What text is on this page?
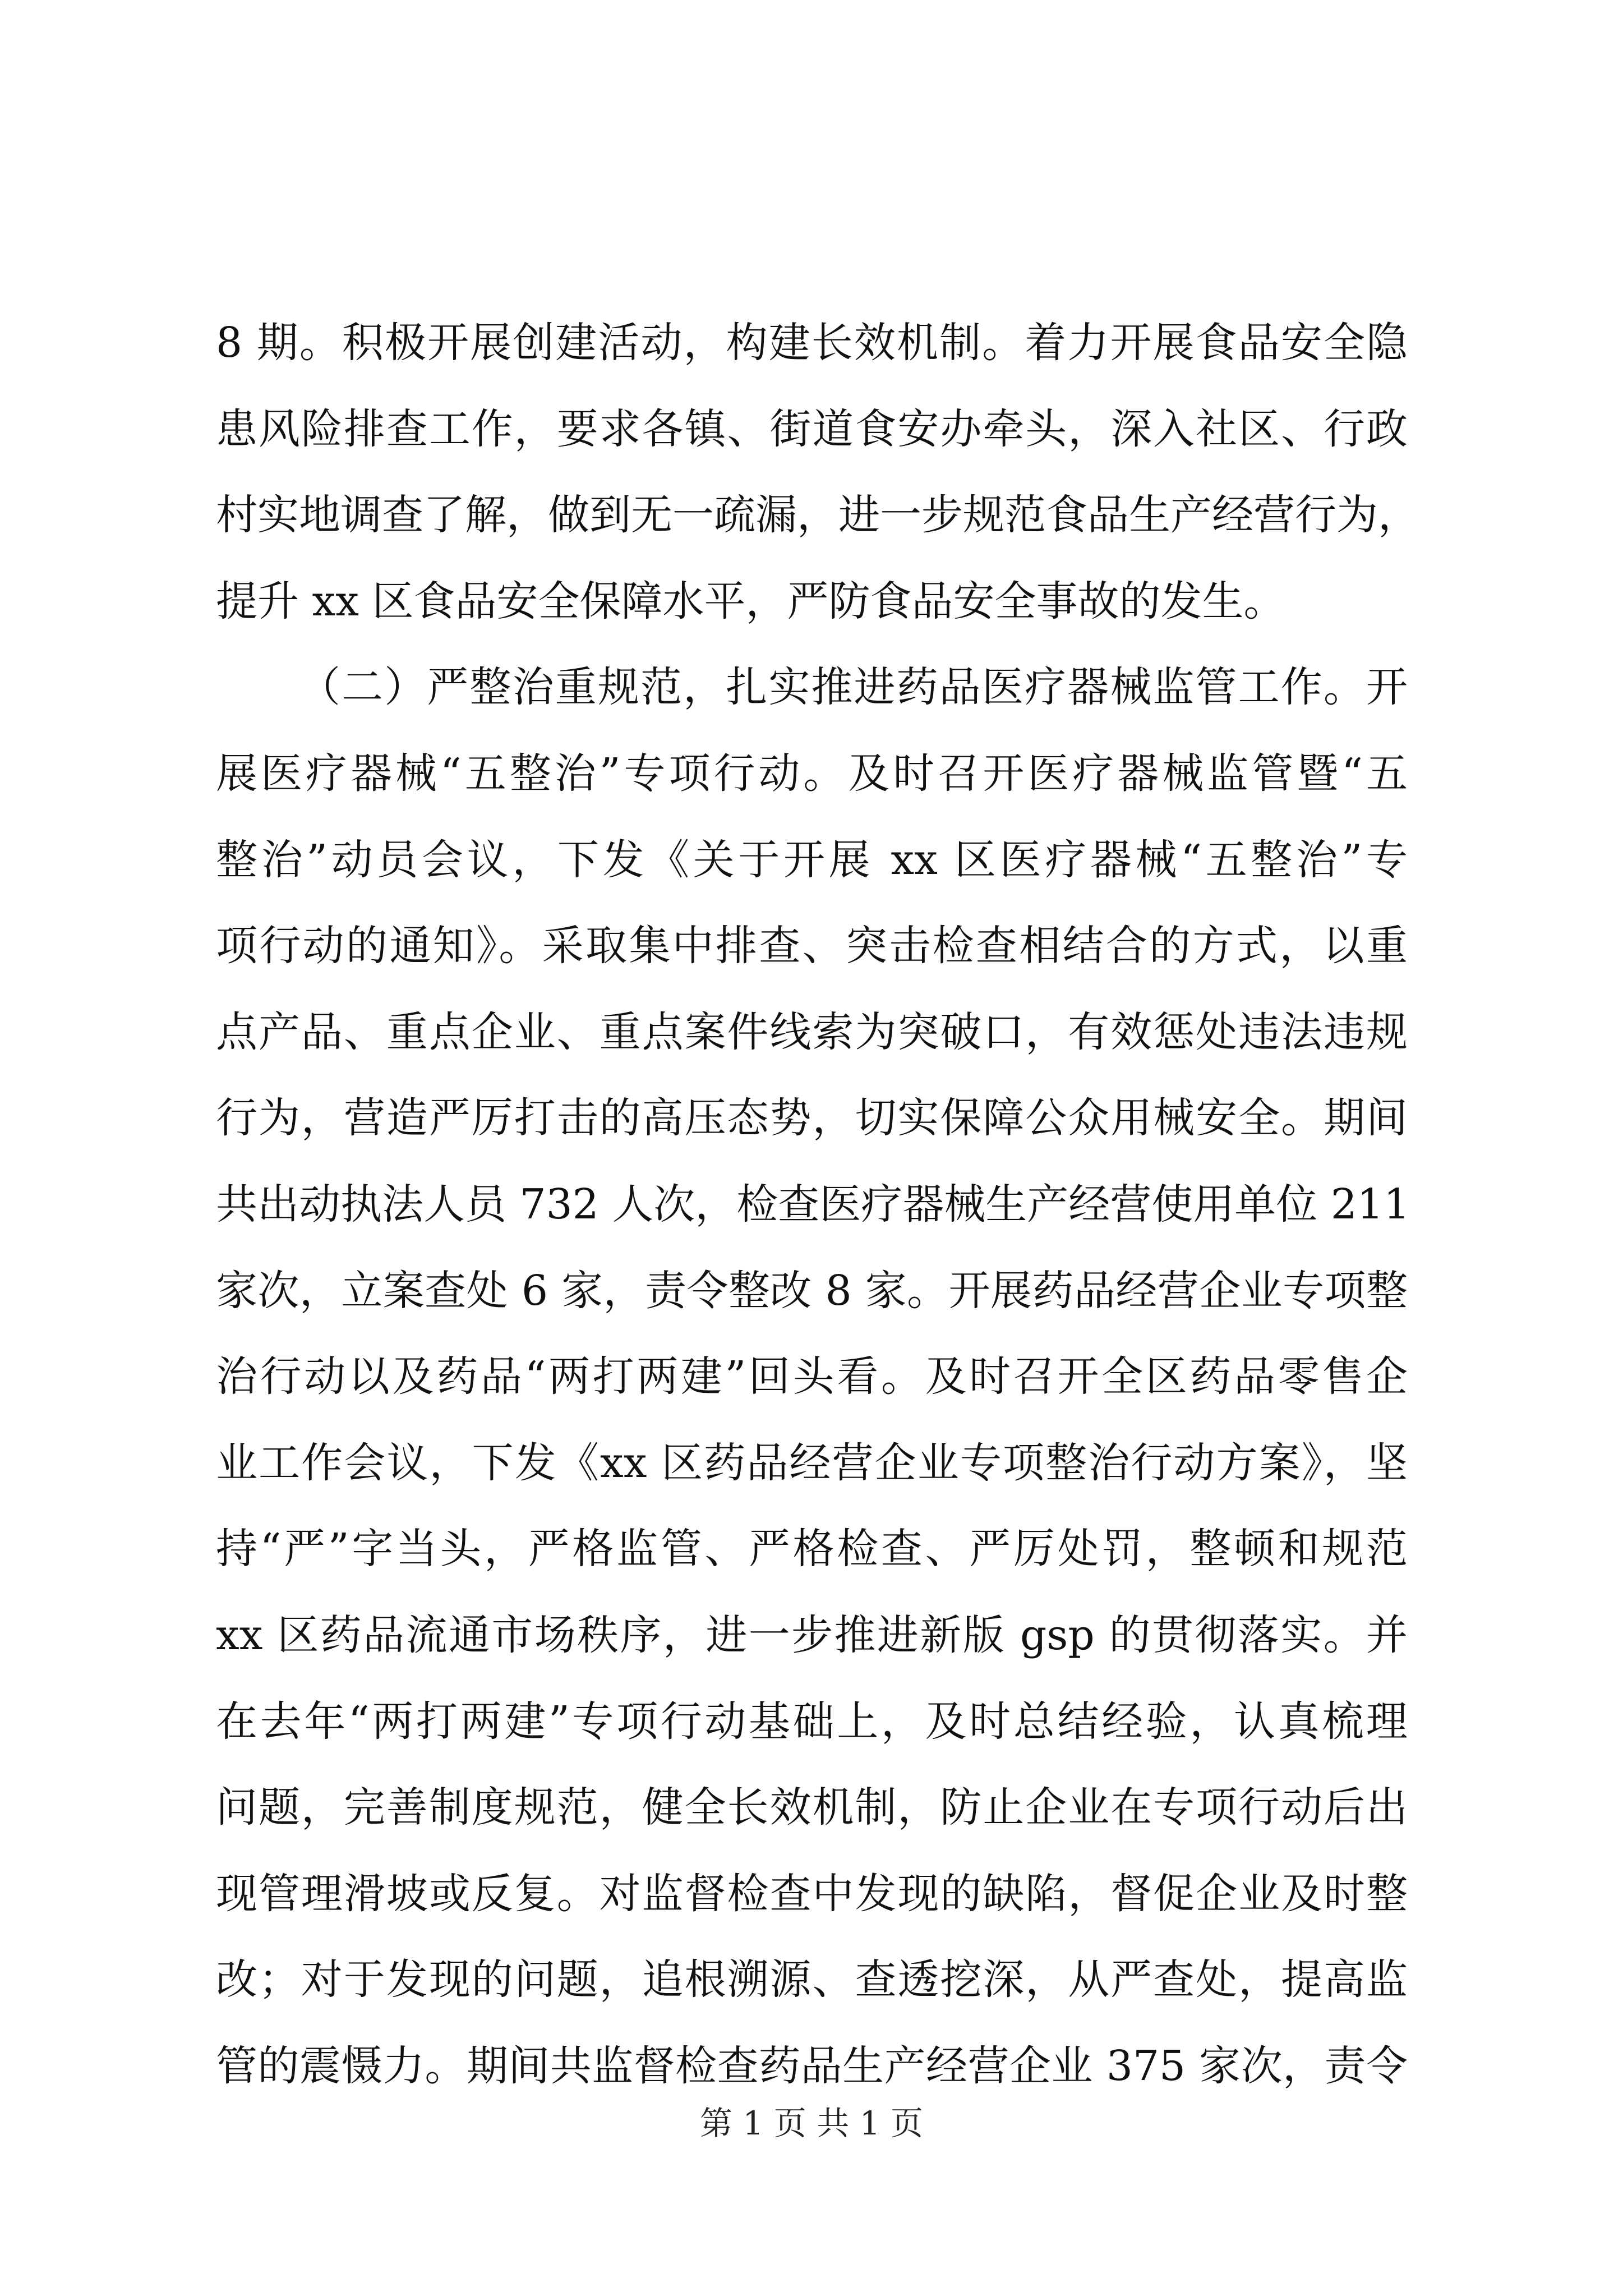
8 期。积极开展创建活动，构建长效机制。着力开展食品安全隐
患风险排查工作，要求各镇、街道食安办牵头，深入社区、行政
村实地调查了解，做到无一疏漏，进一步规范食品生产经营行为，
提升 xx 区食品安全保障水平，严防食品安全事故的发生。
（二）严整治重规范，扎实推进药品医疗器械监管工作。开
展医疗器械“五整治”专项行动。及时召开医疗器械监管暨“五
整治”动员会议，下发《关于开展 xx 区医疗器械“五整治”专
项行动的通知》。采取集中排查、突击检查相结合的方式，以重
点产品、重点企业、重点案件线索为突破口，有效惩处违法违规
行为，营造严厉打击的高压态势，切实保障公众用械安全。期间
共出动执法人员 732 人次，检查医疗器械生产经营使用单位 211
家次，立案查处 6 家，责令整改 8 家。开展药品经营企业专项整
治行动以及药品“两打两建”回头看。及时召开全区药品零售企
业工作会议，下发《xx 区药品经营企业专项整治行动方案》，坚
持“严”字当头，严格监管、严格检查、严厉处罚，整顿和规范
xx 区药品流通市场秩序，进一步推进新版 gsp 的贯彻落实。并
在去年“两打两建”专项行动基础上，及时总结经验，认真梳理
问题，完善制度规范，健全长效机制，防止企业在专项行动后出
现管理滑坡或反复。对监督检查中发现的缺陷，督促企业及时整
改；对于发现的问题，追根溯源、查透挖深，从严查处，提高监
管的震慑力。期间共监督检查药品生产经营企业 375 家次，责令
第 1 页 共 1 页
